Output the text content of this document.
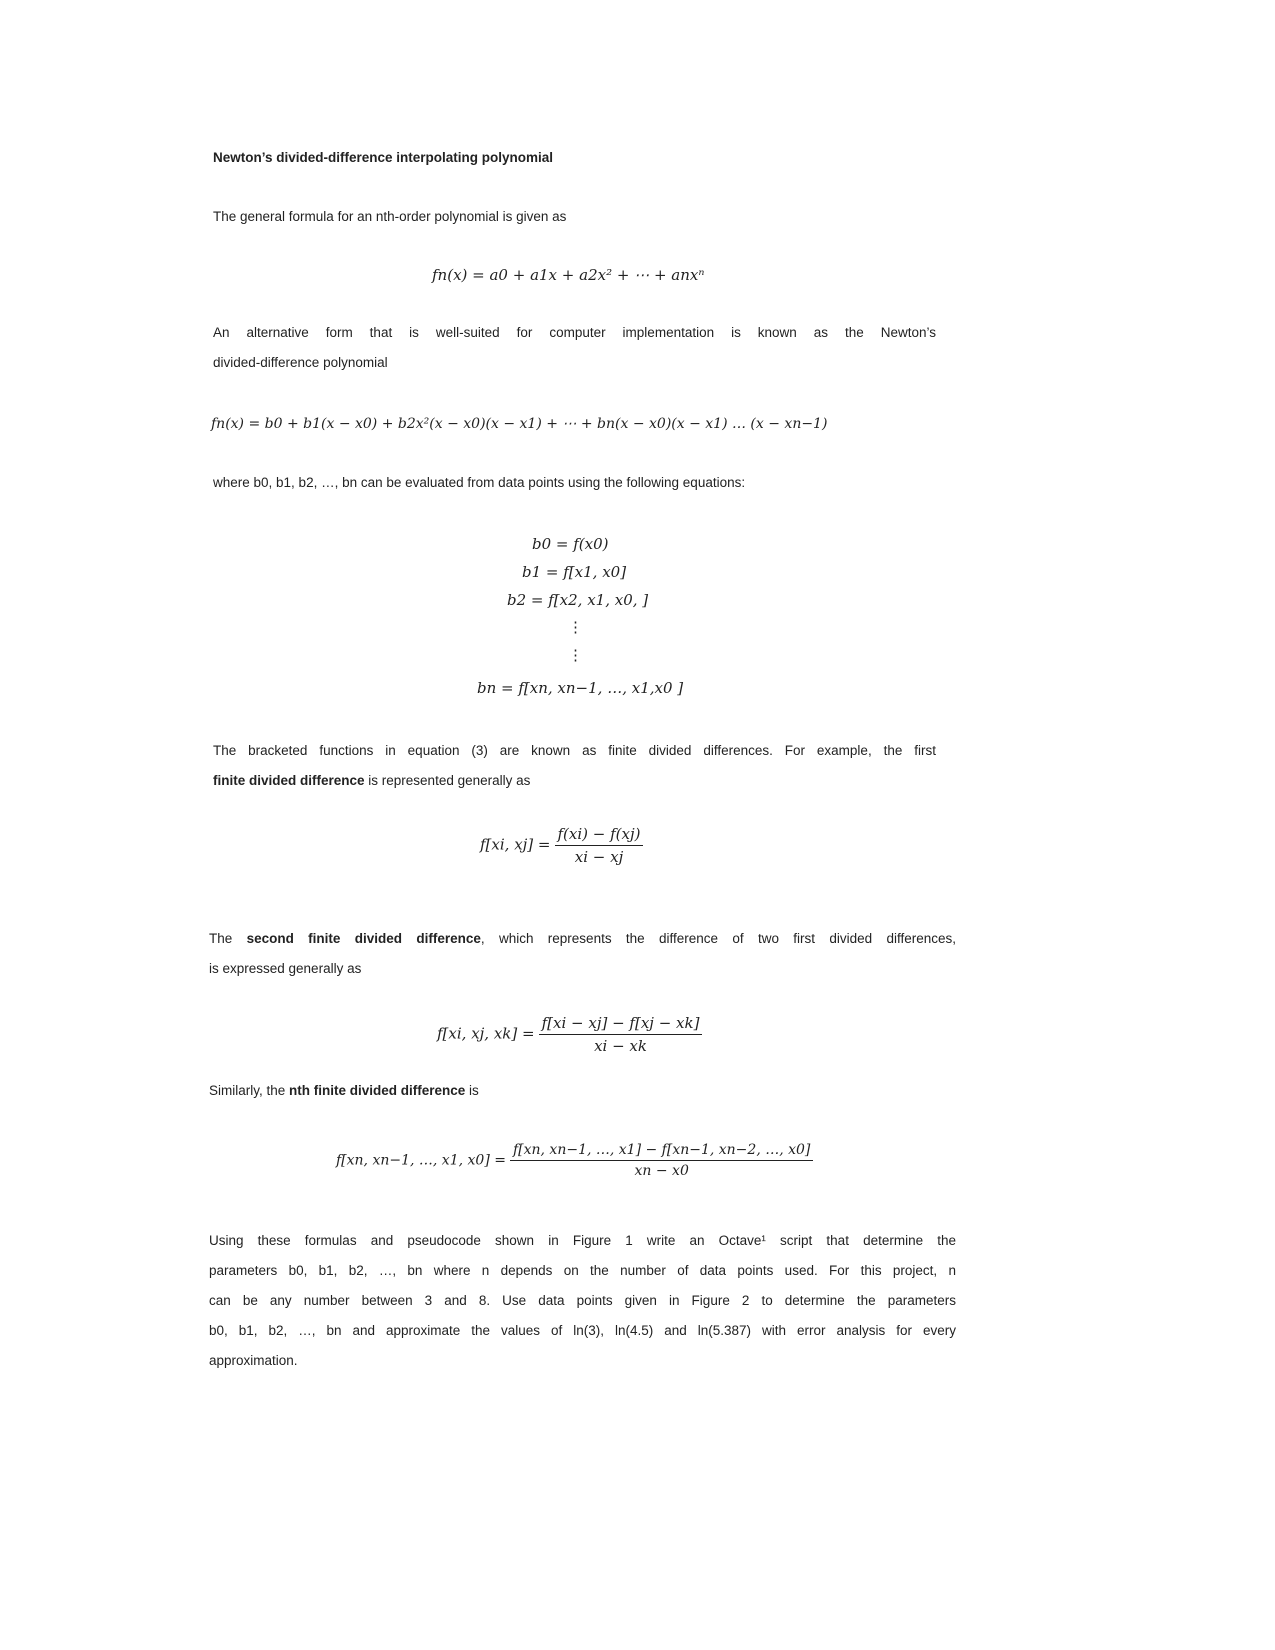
Newton’s divided-difference interpolating polynomial
The general formula for an nth-order polynomial is given as
fn(x) = a0 + a1x + a2x² + ⋯ + anxⁿ
An alternative form that is well-suited for computer implementation is known as the Newton’s
divided-difference polynomial
fn(x) = b0 + b1(x − x0) + b2x²(x − x0)(x − x1) + ⋯ + bn(x − x0)(x − x1) … (x − xn−1)
where b0, b1, b2, …, bn can be evaluated from data points using the following equations:
b0 = f(x0)
b1 = f[x1, x0]
b2 = f[x2, x1, x0, ]
⋮
⋮
bn = f[xn, xn−1, …, x1,x0 ]
The bracketed functions in equation (3) are known as finite divided differences. For example, the first
finite divided difference is represented generally as
f[xi, $xj] = \frac{f(xi) - f(xj)}{xi - xj}$
The second finite divided difference, which represents the difference of two first divided differences,
is expressed generally as
f[xi, xj, $xk] = \frac{f[xi - xj] - f[xj - xk]}{xi - xk}$
Similarly, the nth finite divided difference is
f[xn, xn−1, …, x1, $x0] = \frac{f[xn, xn-1, \dots, x1] - f[xn-1, xn-2, \dots, x0]}{xn - x0}$
Using these formulas and pseudocode shown in Figure 1 write an Octave¹ script that determine the
parameters b0, b1, b2, …, bn where n depends on the number of data points used. For this project, n
can be any number between 3 and 8. Use data points given in Figure 2 to determine the parameters
b0, b1, b2, …, bn and approximate the values of ln(3), ln(4.5) and ln(5.387) with error analysis for every
approximation.
